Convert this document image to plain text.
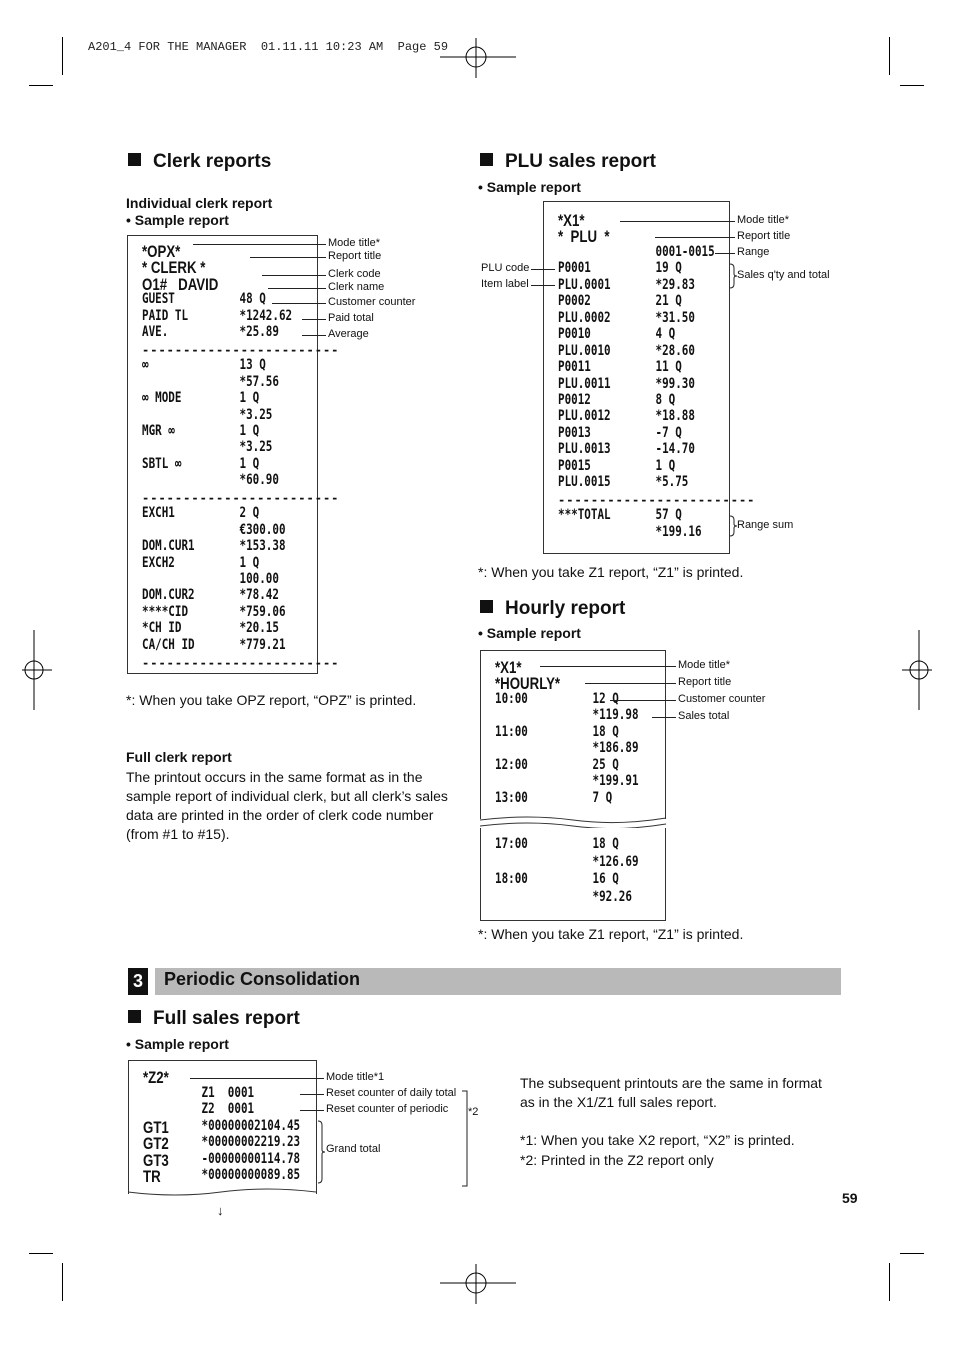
A201_4 FOR THE MANAGER  01.11.11 10:23 AM  Page 59
Clerk reports
Individual clerk report
• Sample report
*OPX*
* CLERK *
O1#   DAVID
GUEST	48 Q
PAID TL	*1242.62
AVE.	*25.89
------------------------
∞	13 Q
*57.56
∞ MODE	1 Q
*3.25
MGR ∞	1 Q
*3.25
SBTL ∞	1 Q
*60.90
------------------------
EXCH1	2 Q
€300.00
DOM.CUR1	*153.38
EXCH2	1 Q
100.00
DOM.CUR2	*78.42
****CID	*759.06
*CH ID	*20.15
CA/CH ID	*779.21
------------------------
Mode title*
Report title
Clerk code
Clerk name
Customer counter
Paid total
Average
*: When you take OPZ report, “OPZ” is printed.
Full clerk report
The printout occurs in the same format as in the sample report of individual clerk, but all clerk’s sales data are printed in the order of clerk code number (from #1 to #15).
PLU sales report
• Sample report
*X1*
*  PLU  *
0001-0015
P0001	19 Q
PLU.0001	*29.83
P0002	21 Q
PLU.0002	*31.50
P0010	4 Q
PLU.0010	*28.60
P0011	11 Q
PLU.0011	*99.30
P0012	8 Q
PLU.0012	*18.88
P0013	-7 Q
PLU.0013	-14.70
P0015	1 Q
PLU.0015	*5.75
------------------------
***TOTAL	57 Q
*199.16
Mode title*
Report title
Range
Sales q'ty and total
Range sum
PLU code
Item label
*: When you take Z1 report, “Z1” is printed.
Hourly report
• Sample report
*X1*
*HOURLY*
10:00	12 Q
*119.98
11:00	18 Q
*186.89
12:00	25 Q
*199.91
13:00	7 Q
17:00	18 Q
*126.69
18:00	16 Q
*92.26
Mode title*
Report title
Customer counter
Sales total
*: When you take Z1 report, “Z1” is printed.
3 Periodic Consolidation
Full sales report
• Sample report
*Z2*
Z1  0001
Z2  0001
GT1 *00000002104.45
GT2 *00000002219.23
GT3 -00000000114.78
TR	*00000000089.85
↓
Mode title*1
Reset counter of daily total
Reset counter of periodic
Grand total
*2
The subsequent printouts are the same in format as in the X1/Z1 full sales report.
*1: When you take X2 report, “X2” is printed.
*2: Printed in the Z2 report only
59
